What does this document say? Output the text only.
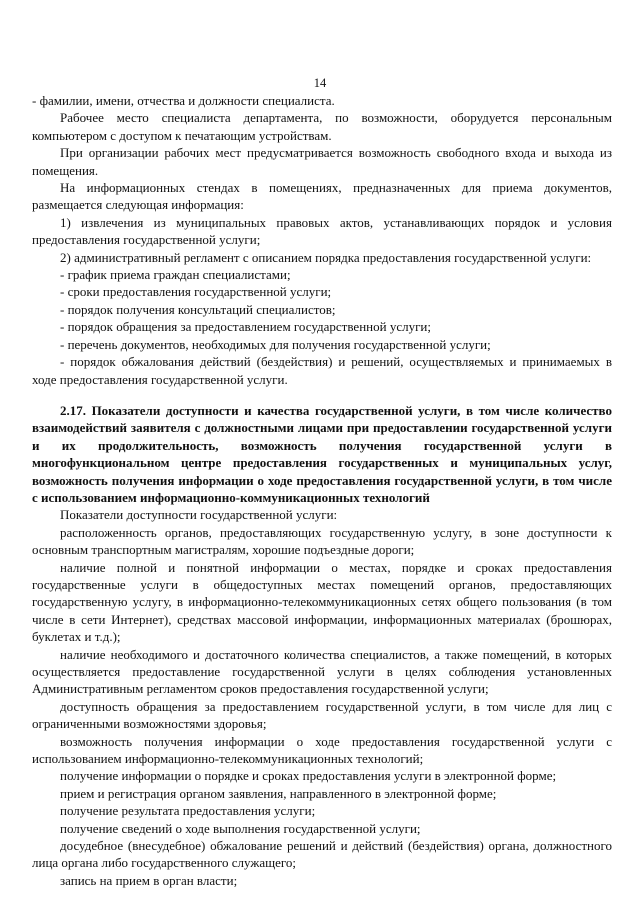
14

- фамилии, имени, отчества и должности специалиста.

Рабочее место специалиста департамента, по возможности, оборудуется персональным компьютером с доступом к печатающим устройствам.

При организации рабочих мест предусматривается возможность свободного входа и выхода из помещения.

На информационных стендах в помещениях, предназначенных для приема документов, размещается следующая информация:

1) извлечения из муниципальных правовых актов, устанавливающих порядок и условия предоставления государственной услуги;

2) административный регламент с описанием порядка предоставления государственной услуги:

- график приема граждан специалистами;

- сроки предоставления государственной услуги;

- порядок получения консультаций специалистов;

- порядок обращения за предоставлением государственной услуги;

- перечень документов, необходимых для получения государственной услуги;

- порядок обжалования действий (бездействия) и решений, осуществляемых и принимаемых в ходе предоставления государственной услуги.

2.17. Показатели доступности и качества государственной услуги, в том числе количество взаимодействий заявителя с должностными лицами при предоставлении государственной услуги и их продолжительность, возможность получения государственной услуги в многофункциональном центре предоставления государственных и муниципальных услуг, возможность получения информации о ходе предоставления государственной услуги, в том числе с использованием информационно-коммуникационных технологий

Показатели доступности государственной услуги:

расположенность органов, предоставляющих государственную услугу, в зоне доступности к основным транспортным магистралям, хорошие подъездные дороги;

наличие полной и понятной информации о местах, порядке и сроках предоставления государственные услуги в общедоступных местах помещений органов, предоставляющих государственную услугу, в информационно-телекоммуникационных сетях общего пользования (в том числе в сети Интернет), средствах массовой информации, информационных материалах (брошюрах, буклетах и т.д.);

наличие необходимого и достаточного количества специалистов, а также помещений, в которых осуществляется предоставление государственной услуги в целях соблюдения установленных Административным регламентом сроков предоставления государственной услуги;

доступность обращения за предоставлением государственной услуги, в том числе для лиц с ограниченными возможностями здоровья;

возможность получения информации о ходе предоставления государственной услуги с использованием информационно-телекоммуникационных технологий;

получение информации о порядке и сроках предоставления услуги в электронной форме;

прием и регистрация органом заявления, направленного в электронной форме;

получение результата предоставления услуги;

получение сведений о ходе выполнения государственной услуги;

досудебное (внесудебное) обжалование решений и действий (бездействия) органа, должностного лица органа либо государственного служащего;

запись на прием в орган власти;
